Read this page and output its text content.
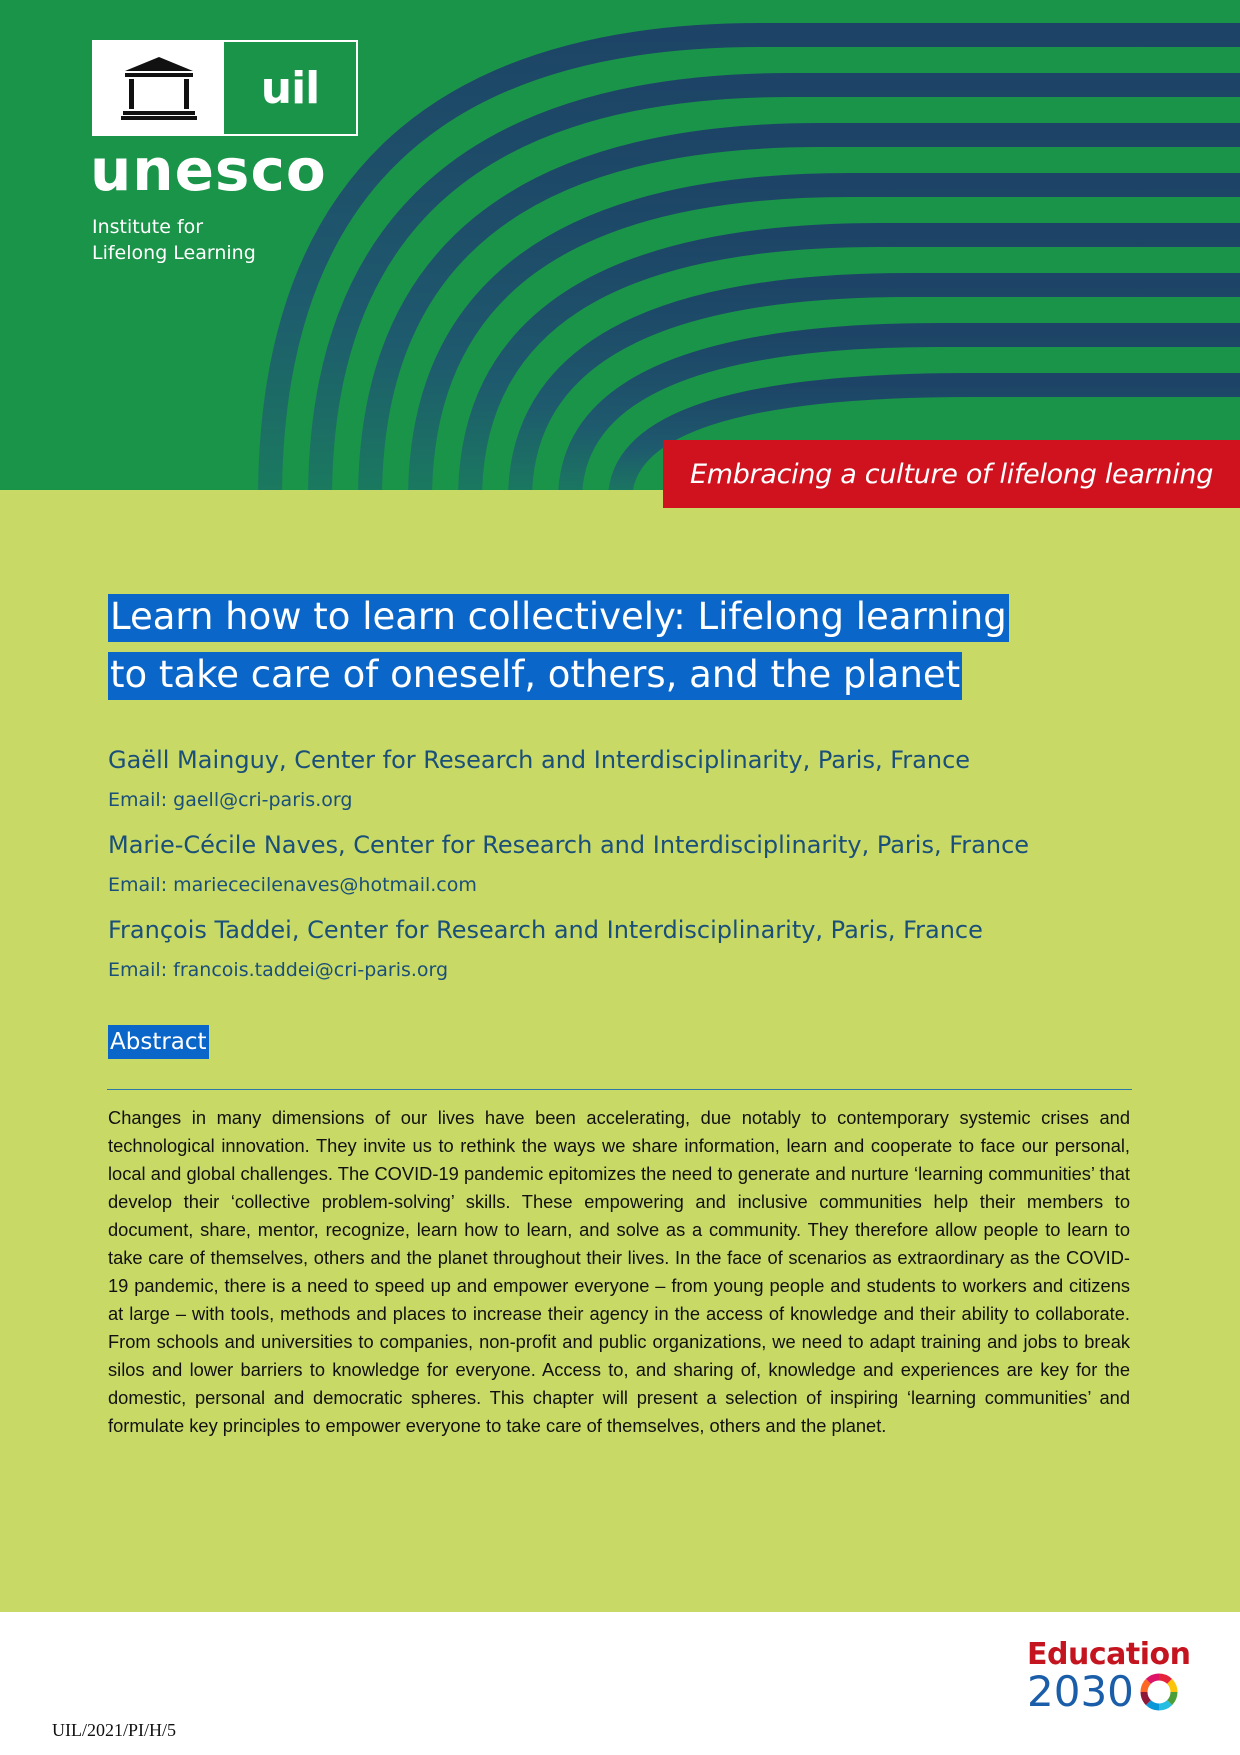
uil
unesco
Institute for
Lifelong Learning
Embracing a culture of lifelong learning
Learn how to learn collectively: Lifelong learning
to take care of oneself, others, and the planet
Gaëll Mainguy, Center for Research and Interdisciplinarity, Paris, France
Email: gaell@cri-paris.org
Marie-Cécile Naves, Center for Research and Interdisciplinarity, Paris, France
Email: mariececilenaves@hotmail.com
François Taddei, Center for Research and Interdisciplinarity, Paris, France
Email: francois.taddei@cri-paris.org
Abstract
Changes in many dimensions of our lives have been accelerating, due notably to contemporary systemic crises and technological innovation. They invite us to rethink the ways we share information, learn and cooperate to face our personal, local and global challenges. The COVID-19 pandemic epitomizes the need to generate and nurture ‘learning communities’ that develop their ‘collective problem-solving’ skills. These empowering and inclusive communities help their members to document, share, mentor, recognize, learn how to learn, and solve as a community. They therefore allow people to learn to take care of themselves, others and the planet throughout their lives. In the face of scenarios as extraordinary as the COVID-19 pandemic, there is a need to speed up and empower everyone – from young people and students to workers and citizens at large – with tools, methods and places to increase their agency in the access of knowledge and their ability to collaborate. From schools and universities to companies, non-profit and public organizations, we need to adapt training and jobs to break silos and lower barriers to knowledge for everyone. Access to, and sharing of, knowledge and experiences are key for the domestic, personal and democratic spheres. This chapter will present a selection of inspiring ‘learning communities’ and formulate key principles to empower everyone to take care of themselves, others and the planet.
UIL/2021/PI/H/5
Education
2030
